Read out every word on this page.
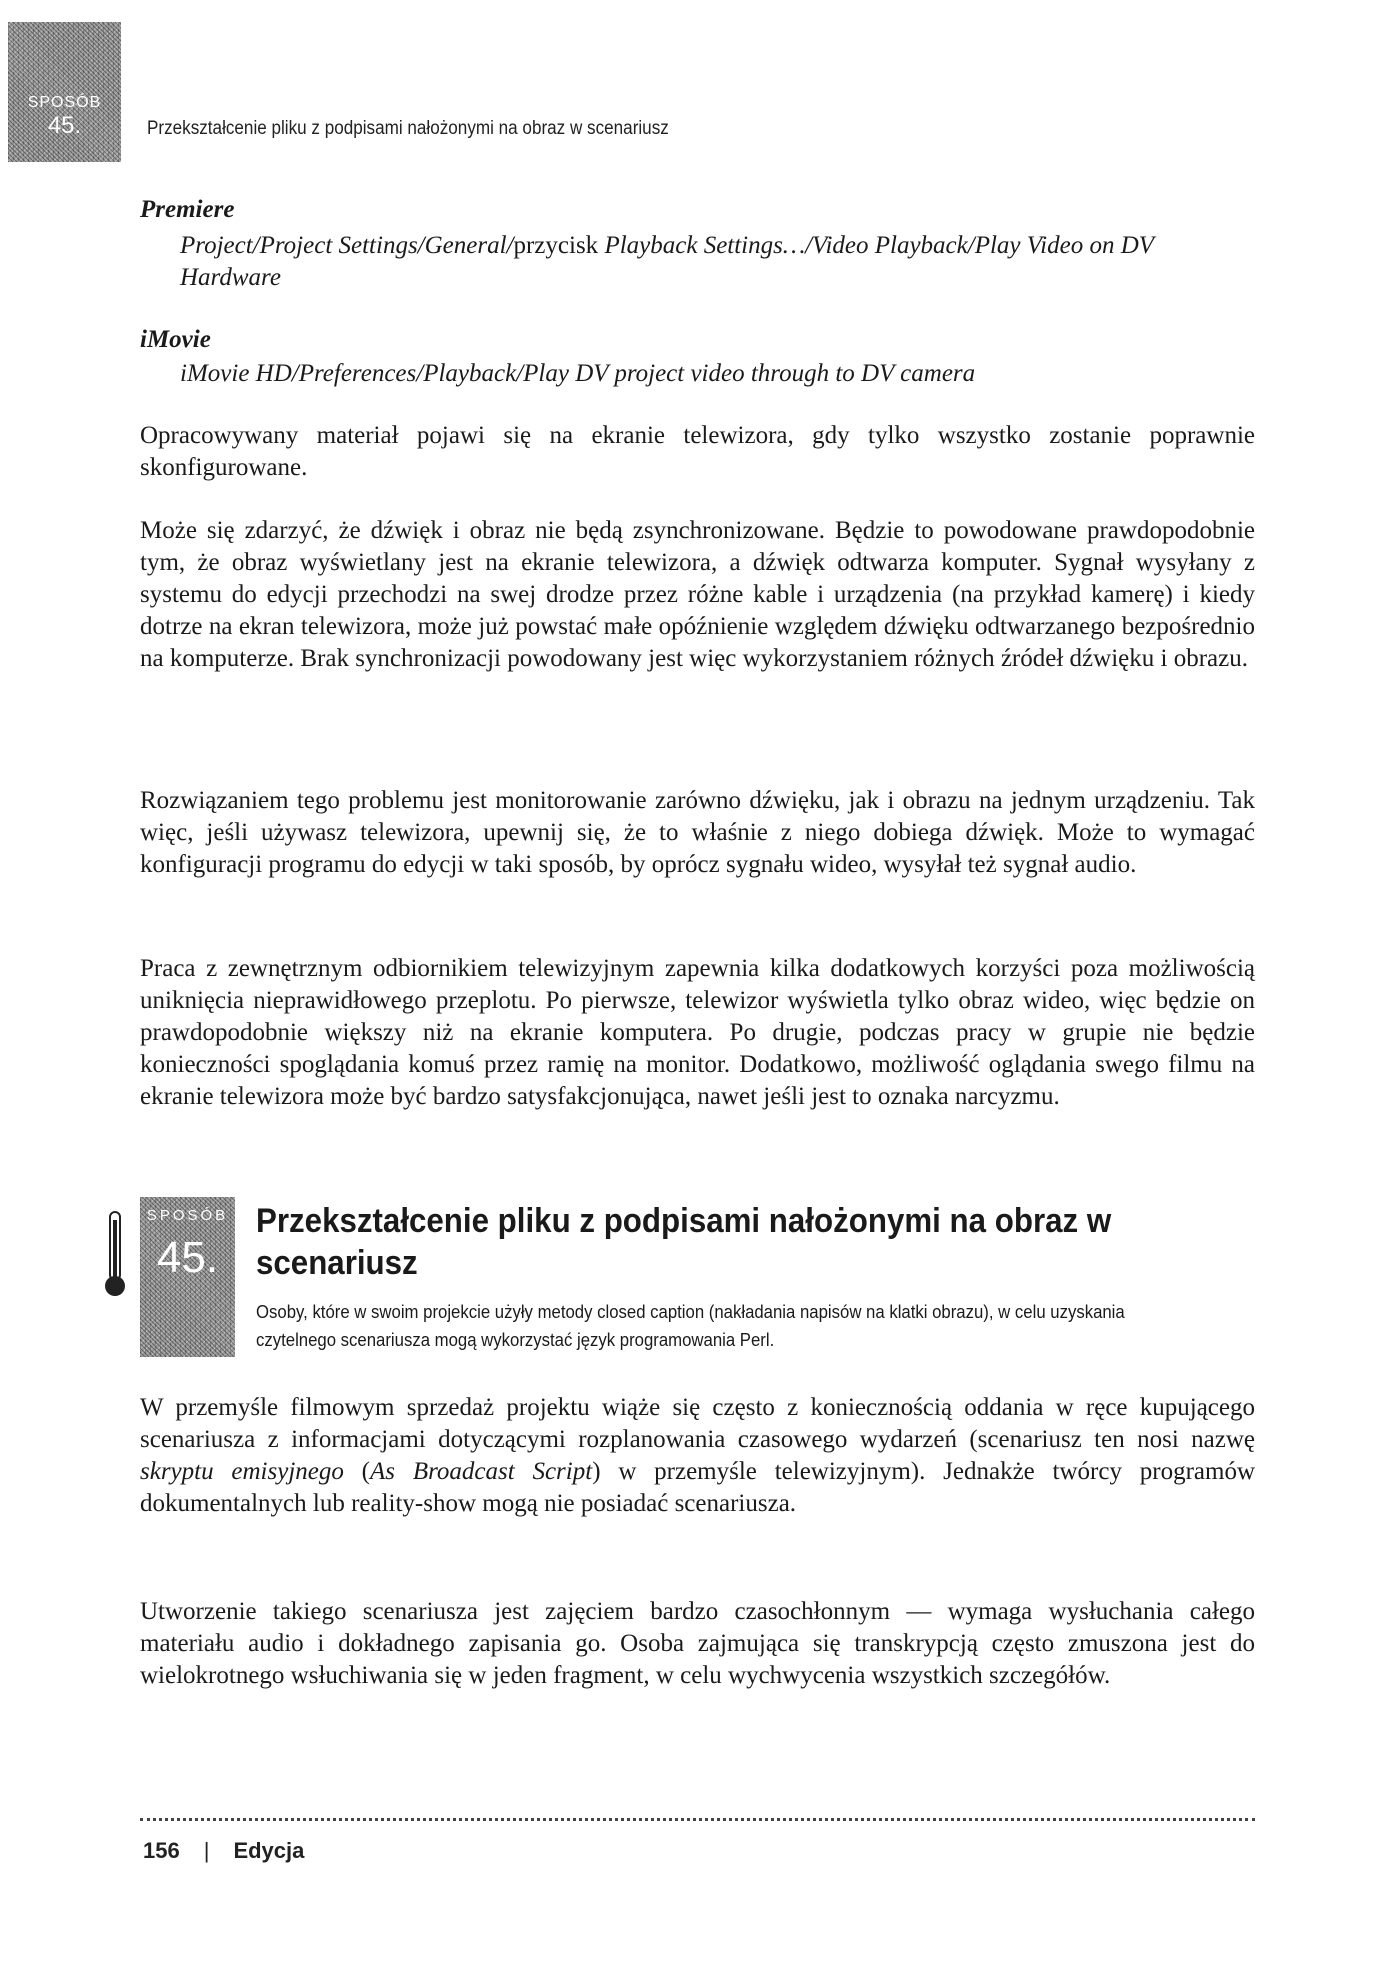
SPOSÓB
45.	Przekształcenie pliku z podpisami nałożonymi na obraz w scenariusz
Premiere
Project/Project Settings/General/przycisk Playback Settings…/Video Playback/Play Video on DV Hardware
iMovie
iMovie HD/Preferences/Playback/Play DV project video through to DV camera
Opracowywany materiał pojawi się na ekranie telewizora, gdy tylko wszystko zostanie poprawnie skonfigurowane.
Może się zdarzyć, że dźwięk i obraz nie będą zsynchronizowane. Będzie to powodowane prawdopodobnie tym, że obraz wyświetlany jest na ekranie telewizora, a dźwięk odtwarza komputer. Sygnał wysyłany z systemu do edycji przechodzi na swej drodze przez różne kable i urządzenia (na przykład kamerę) i kiedy dotrze na ekran telewizora, może już powstać małe opóźnienie względem dźwięku odtwarzanego bezpośrednio na komputerze. Brak synchronizacji powodowany jest więc wykorzystaniem różnych źródeł dźwięku i obrazu.
Rozwiązaniem tego problemu jest monitorowanie zarówno dźwięku, jak i obrazu na jednym urządzeniu. Tak więc, jeśli używasz telewizora, upewnij się, że to właśnie z niego dobiega dźwięk. Może to wymagać konfiguracji programu do edycji w taki sposób, by oprócz sygnału wideo, wysyłał też sygnał audio.
Praca z zewnętrznym odbiornikiem telewizyjnym zapewnia kilka dodatkowych korzyści poza możliwością uniknięcia nieprawidłowego przeplotu. Po pierwsze, telewizor wyświetla tylko obraz wideo, więc będzie on prawdopodobnie większy niż na ekranie komputera. Po drugie, podczas pracy w grupie nie będzie konieczności spoglądania komuś przez ramię na monitor. Dodatkowo, możliwość oglądania swego filmu na ekranie telewizora może być bardzo satysfakcjonująca, nawet jeśli jest to oznaka narcyzmu.
SPOSÓB
45.
Przekształcenie pliku z podpisami nałożonymi na obraz w scenariusz
Osoby, które w swoim projekcie użyły metody closed caption (nakładania napisów na klatki obrazu), w celu uzyskania czytelnego scenariusza mogą wykorzystać język programowania Perl.
W przemyśle filmowym sprzedaż projektu wiąże się często z koniecznością oddania w ręce kupującego scenariusza z informacjami dotyczącymi rozplanowania czasowego wydarzeń (scenariusz ten nosi nazwę skryptu emisyjnego (As Broadcast Script) w przemyśle telewizyjnym). Jednakże twórcy programów dokumentalnych lub reality-show mogą nie posiadać scenariusza.
Utworzenie takiego scenariusza jest zajęciem bardzo czasochłonnym — wymaga wysłuchania całego materiału audio i dokładnego zapisania go. Osoba zajmująca się transkrypcją często zmuszona jest do wielokrotnego wsłuchiwania się w jeden fragment, w celu wychwycenia wszystkich szczegółów.
156 | Edycja
